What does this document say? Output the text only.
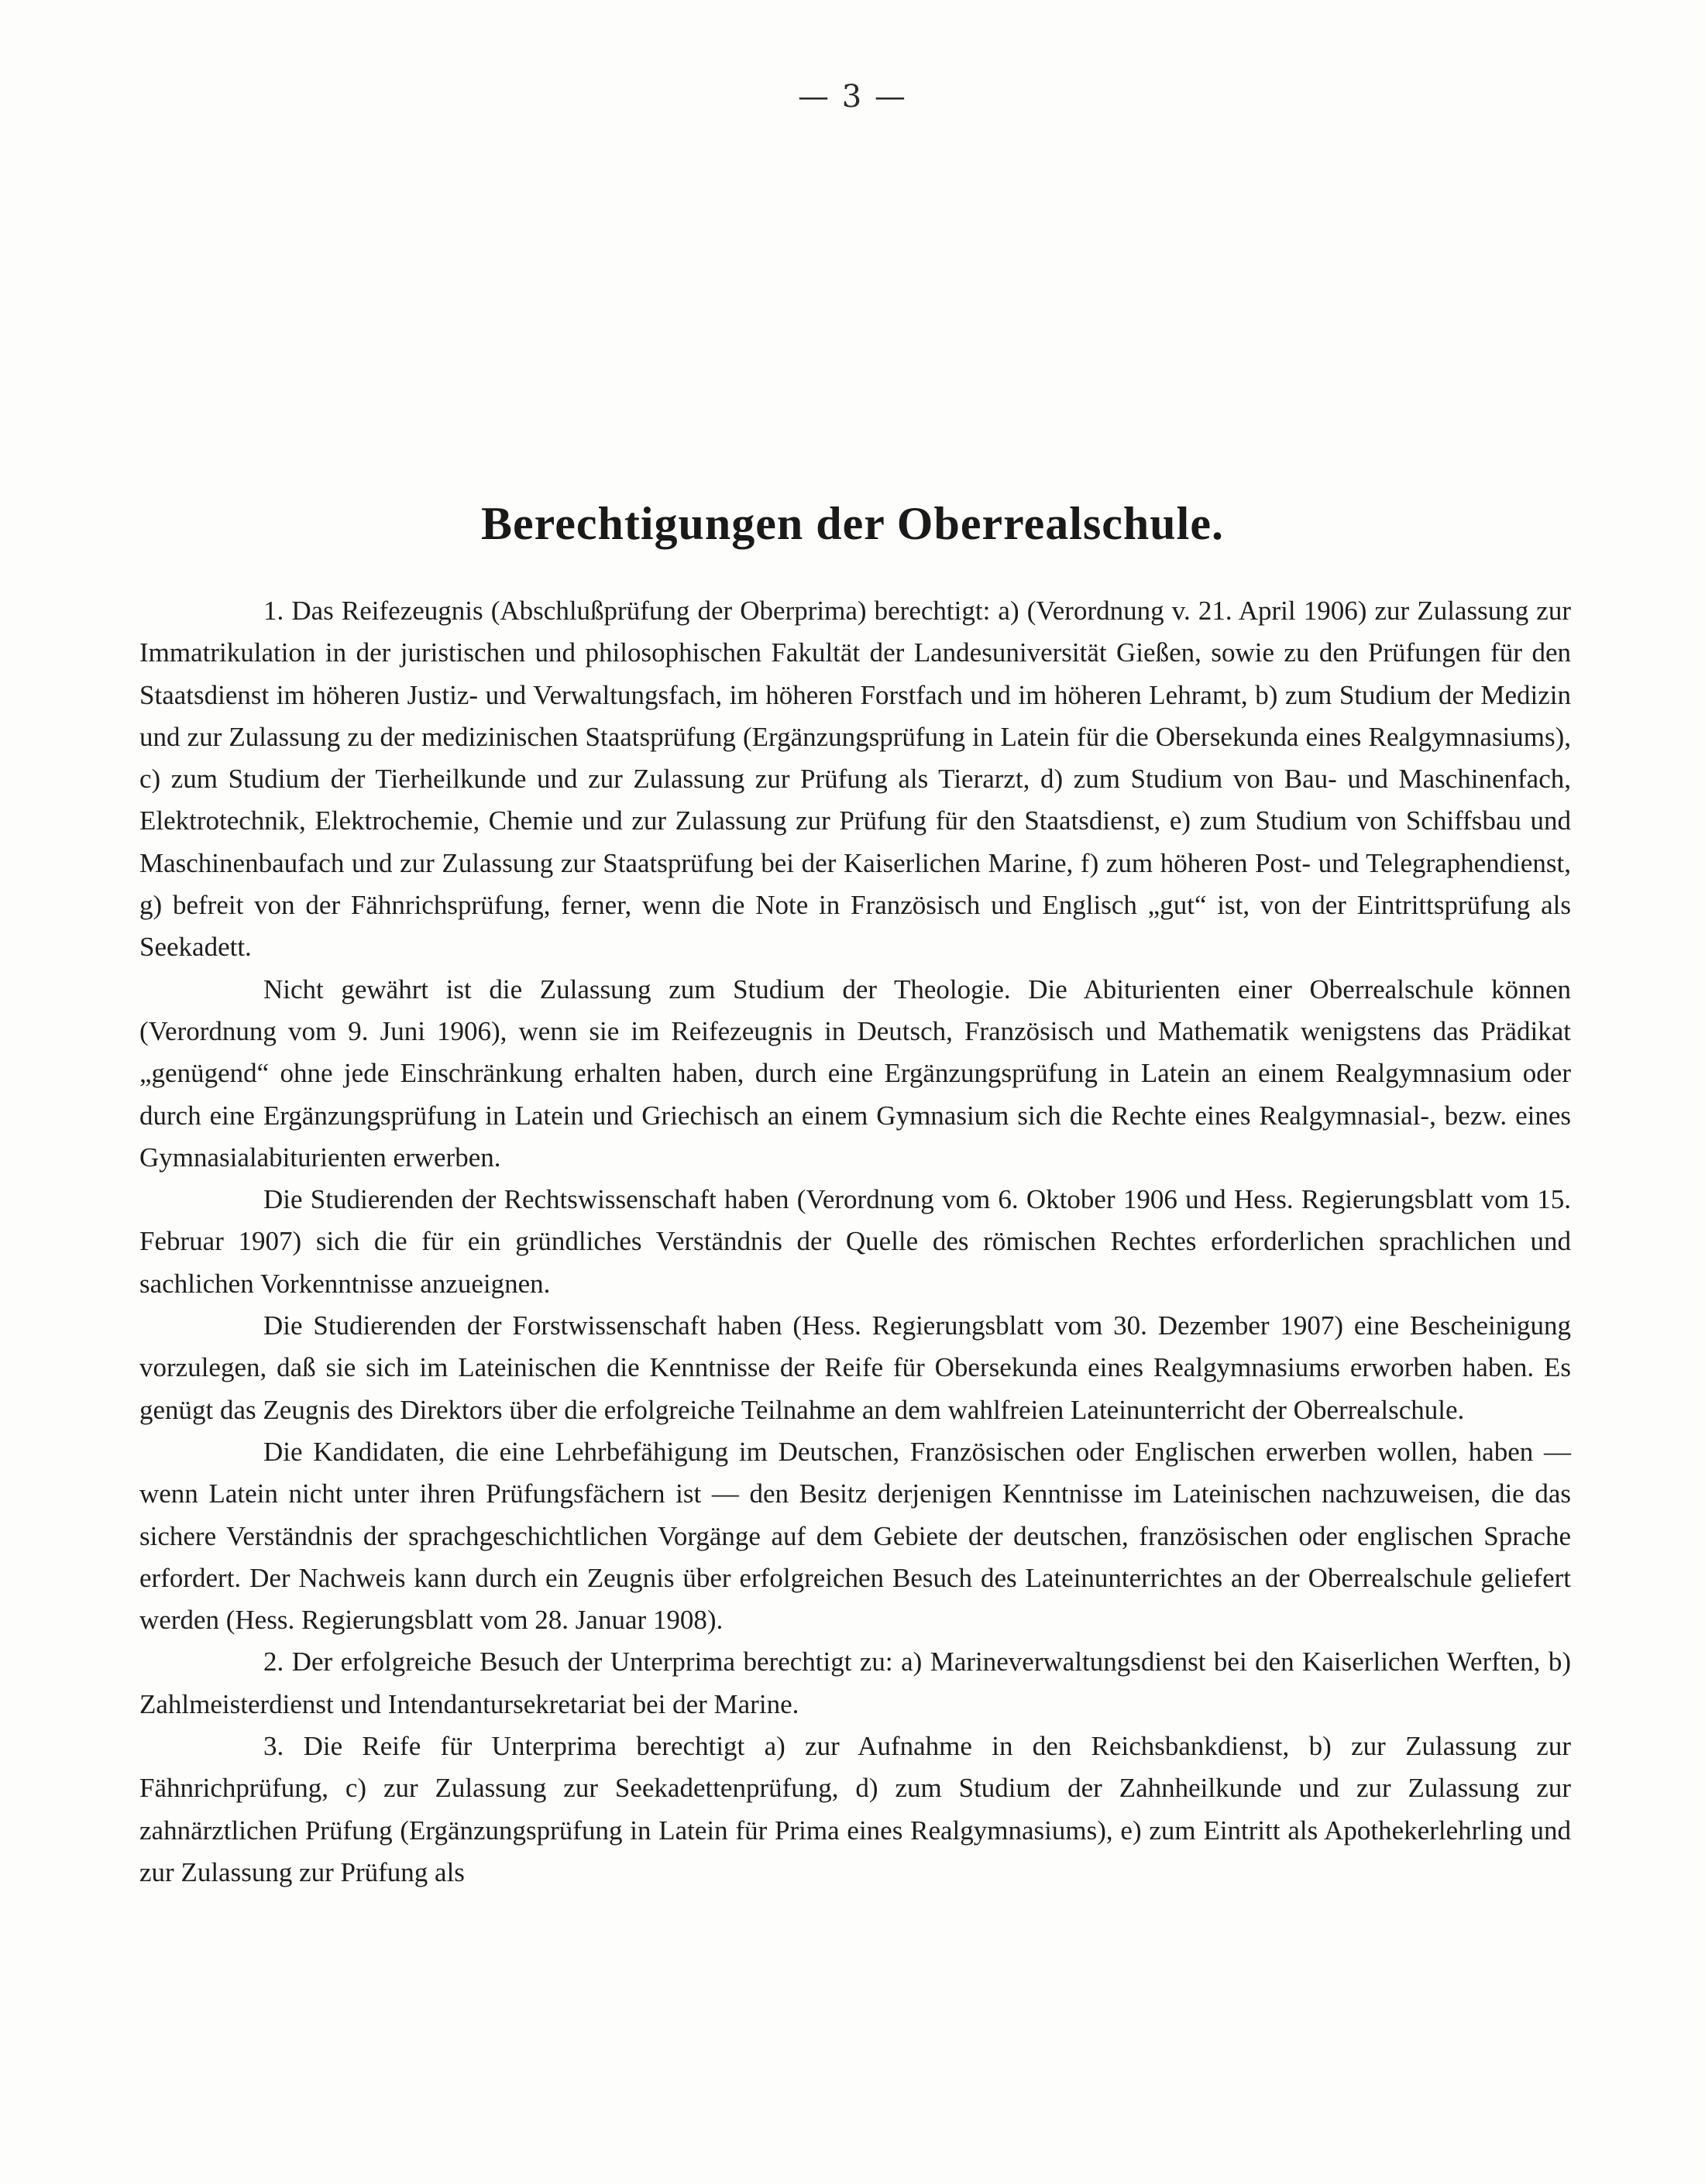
— 3 —
Berechtigungen der Oberrealschule.

1. Das Reifezeugnis (Abschlußprüfung der Oberprima) berechtigt: a) (Verordnung v. 21. April 1906) zur Zulassung zur Immatrikulation in der juristischen und philosophischen Fakultät der Landesuniversität Gießen, sowie zu den Prüfungen für den Staatsdienst im höheren Justiz- und Verwaltungsfach, im höheren Forstfach und im höheren Lehramt, b) zum Studium der Medizin und zur Zulassung zu der medizinischen Staatsprüfung (Ergänzungsprüfung in Latein für die Obersekunda eines Realgymnasiums), c) zum Studium der Tierheilkunde und zur Zulassung zur Prüfung als Tierarzt, d) zum Studium von Bau- und Maschinenfach, Elektrotechnik, Elektrochemie, Chemie und zur Zulassung zur Prüfung für den Staatsdienst, e) zum Studium von Schiffsbau und Maschinenbaufach und zur Zulassung zur Staatsprüfung bei der Kaiserlichen Marine, f) zum höheren Post- und Telegraphendienst, g) befreit von der Fähnrichsprüfung, ferner, wenn die Note in Französisch und Englisch „gut“ ist, von der Eintrittsprüfung als Seekadett.

Nicht gewährt ist die Zulassung zum Studium der Theologie. Die Abiturienten einer Oberrealschule können (Verordnung vom 9. Juni 1906), wenn sie im Reifezeugnis in Deutsch, Französisch und Mathematik wenigstens das Prädikat „genügend“ ohne jede Einschränkung erhalten haben, durch eine Ergänzungsprüfung in Latein an einem Realgymnasium oder durch eine Ergänzungsprüfung in Latein und Griechisch an einem Gymnasium sich die Rechte eines Realgymnasial-, bezw. eines Gymnasialabiturienten erwerben.

Die Studierenden der Rechtswissenschaft haben (Verordnung vom 6. Oktober 1906 und Hess. Regierungsblatt vom 15. Februar 1907) sich die für ein gründliches Verständnis der Quelle des römischen Rechtes erforderlichen sprachlichen und sachlichen Vorkenntnisse anzueignen.

Die Studierenden der Forstwissenschaft haben (Hess. Regierungsblatt vom 30. Dezember 1907) eine Bescheinigung vorzulegen, daß sie sich im Lateinischen die Kenntnisse der Reife für Obersekunda eines Realgymnasiums erworben haben. Es genügt das Zeugnis des Direktors über die erfolgreiche Teilnahme an dem wahlfreien Lateinunterricht der Oberrealschule.

Die Kandidaten, die eine Lehrbefähigung im Deutschen, Französischen oder Englischen erwerben wollen, haben — wenn Latein nicht unter ihren Prüfungsfächern ist — den Besitz derjenigen Kenntnisse im Lateinischen nachzuweisen, die das sichere Verständnis der sprachgeschichtlichen Vorgänge auf dem Gebiete der deutschen, französischen oder englischen Sprache erfordert. Der Nachweis kann durch ein Zeugnis über erfolgreichen Besuch des Lateinunterrichtes an der Oberrealschule geliefert werden (Hess. Regierungsblatt vom 28. Januar 1908).

2. Der erfolgreiche Besuch der Unterprima berechtigt zu: a) Marineverwaltungsdienst bei den Kaiserlichen Werften, b) Zahlmeisterdienst und Intendantursekretariat bei der Marine.

3. Die Reife für Unterprima berechtigt a) zur Aufnahme in den Reichsbankdienst, b) zur Zulassung zur Fähnrichprüfung, c) zur Zulassung zur Seekadettenprüfung, d) zum Studium der Zahnheilkunde und zur Zulassung zur zahnärztlichen Prüfung (Ergänzungsprüfung in Latein für Prima eines Realgymnasiums), e) zum Eintritt als Apothekerlehrling und zur Zulassung zur Prüfung als
